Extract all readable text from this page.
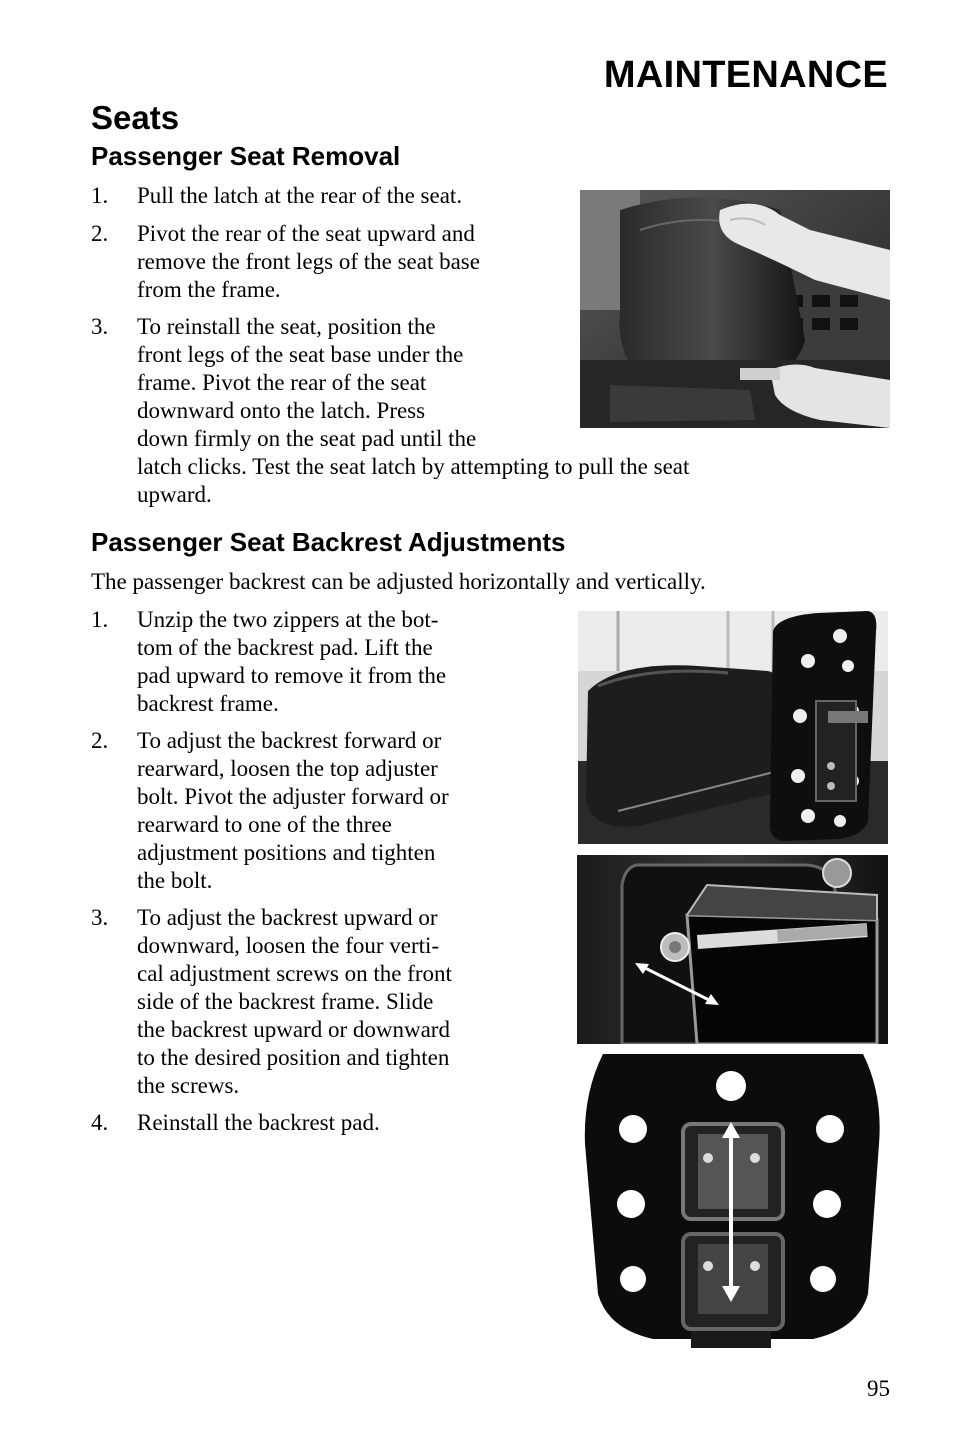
MAINTENANCE
Seats
Passenger Seat Removal
1. Pull the latch at the rear of the seat.
2. Pivot the rear of the seat upward and
remove the front legs of the seat base
from the frame.
3. To reinstall the seat, position the
front legs of the seat base under the
frame. Pivot the rear of the seat
downward onto the latch. Press
down firmly on the seat pad until the
latch clicks. Test the seat latch by attempting to pull the seat
upward.
Passenger Seat Backrest Adjustments
The passenger backrest can be adjusted horizontally and vertically.
1. Unzip the two zippers at the bot-
tom of the backrest pad. Lift the
pad upward to remove it from the
backrest frame.
2. To adjust the backrest forward or
rearward, loosen the top adjuster
bolt. Pivot the adjuster forward or
rearward to one of the three
adjustment positions and tighten
the bolt.
3. To adjust the backrest upward or
downward, loosen the four verti-
cal adjustment screws on the front
side of the backrest frame. Slide
the backrest upward or downward
to the desired position and tighten
the screws.
4. Reinstall the backrest pad.
95
